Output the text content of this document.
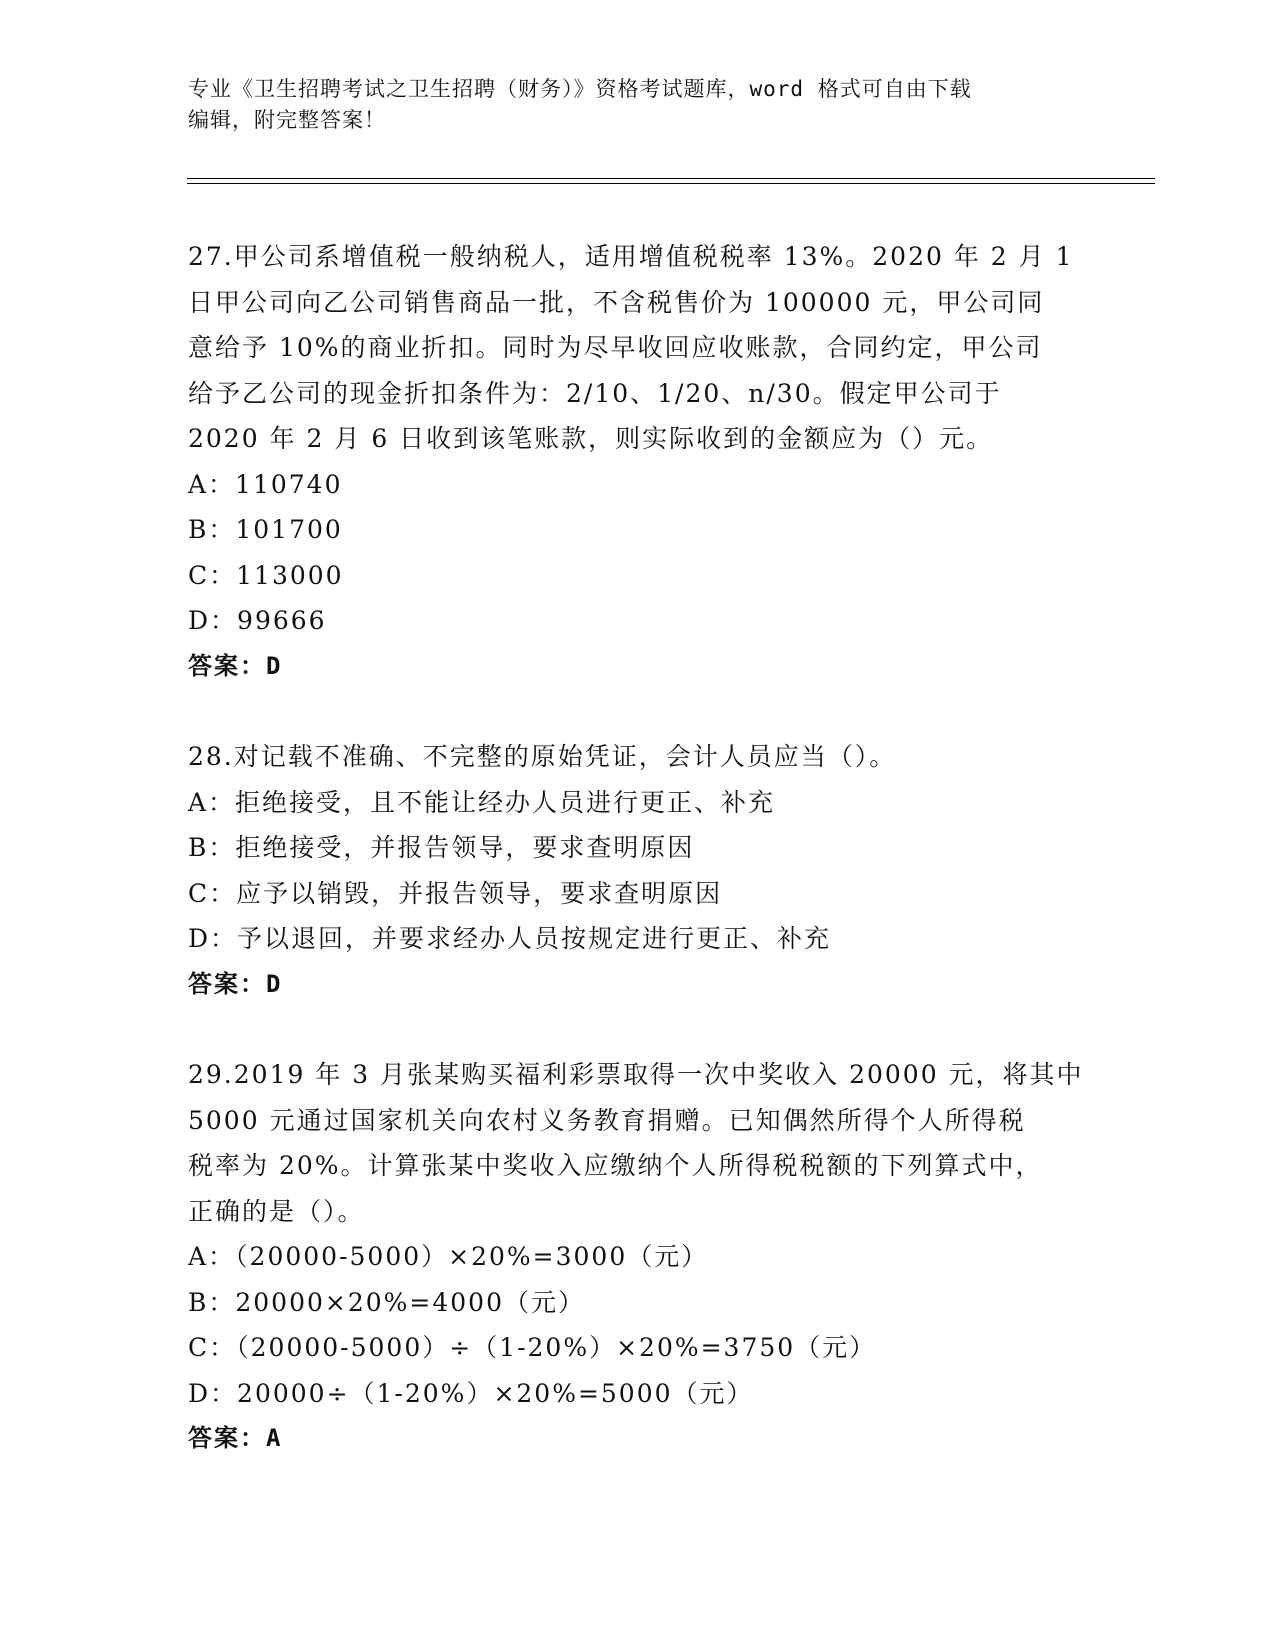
专业《卫生招聘考试之卫生招聘（财务）》资格考试题库，word 格式可自由下载
编辑，附完整答案！
27.甲公司系增值税一般纳税人，适用增值税税率 13%。2020 年 2 月 1
日甲公司向乙公司销售商品一批，不含税售价为 100000 元，甲公司同
意给予 10%的商业折扣。同时为尽早收回应收账款，合同约定，甲公司
给予乙公司的现金折扣条件为：2/10、1/20、n/30。假定甲公司于
2020 年 2 月 6 日收到该笔账款，则实际收到的金额应为（）元。
A：110740
B：101700
C：113000
D：99666
答案：D
28.对记载不准确、不完整的原始凭证，会计人员应当（）。
A：拒绝接受，且不能让经办人员进行更正、补充
B：拒绝接受，并报告领导，要求查明原因
C：应予以销毁，并报告领导，要求查明原因
D：予以退回，并要求经办人员按规定进行更正、补充
答案：D
29.2019 年 3 月张某购买福利彩票取得一次中奖收入 20000 元，将其中
5000 元通过国家机关向农村义务教育捐赠。已知偶然所得个人所得税
税率为 20%。计算张某中奖收入应缴纳个人所得税税额的下列算式中，
正确的是（）。
A：（20000-5000）×20%=3000（元）
B：20000×20%=4000（元）
C：（20000-5000）÷（1-20%）×20%=3750（元）
D：20000÷（1-20%）×20%=5000（元）
答案：A
